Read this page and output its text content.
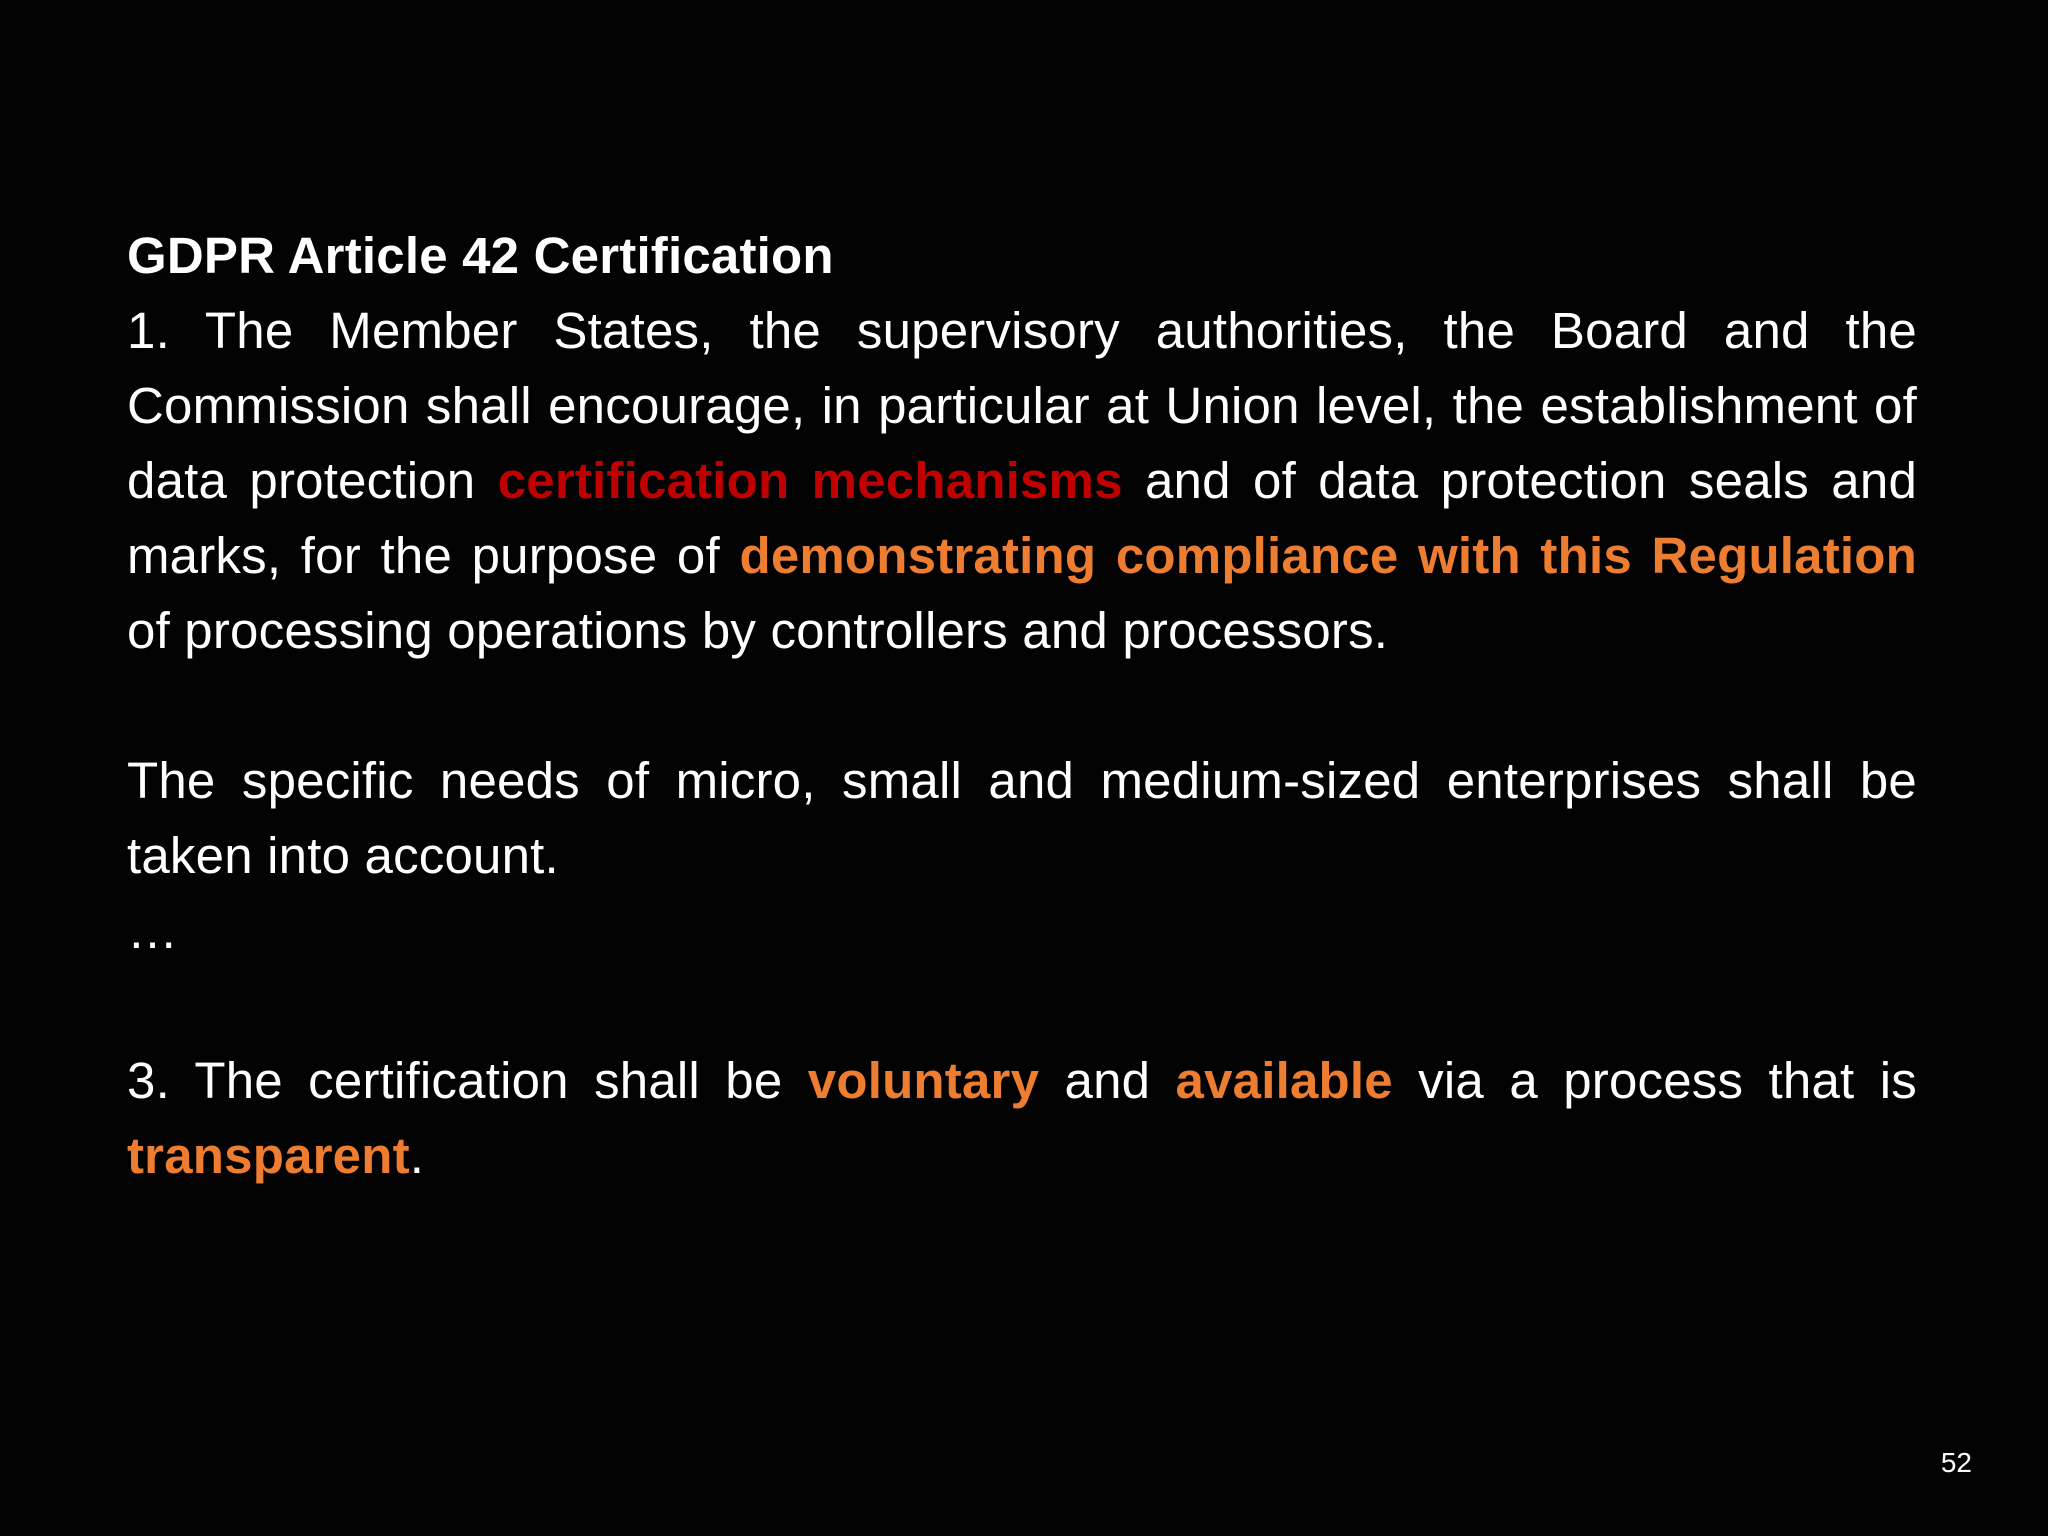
GDPR Article 42 Certification

1. The Member States, the supervisory authorities, the Board and the Commission shall encourage, in particular at Union level, the establishment of data protection certification mechanisms and of data protection seals and marks, for the purpose of demonstrating compliance with this Regulation of processing operations by controllers and processors.

The specific needs of micro, small and medium-sized enterprises shall be taken into account.

…

3. The certification shall be voluntary and available via a process that is transparent.

52
